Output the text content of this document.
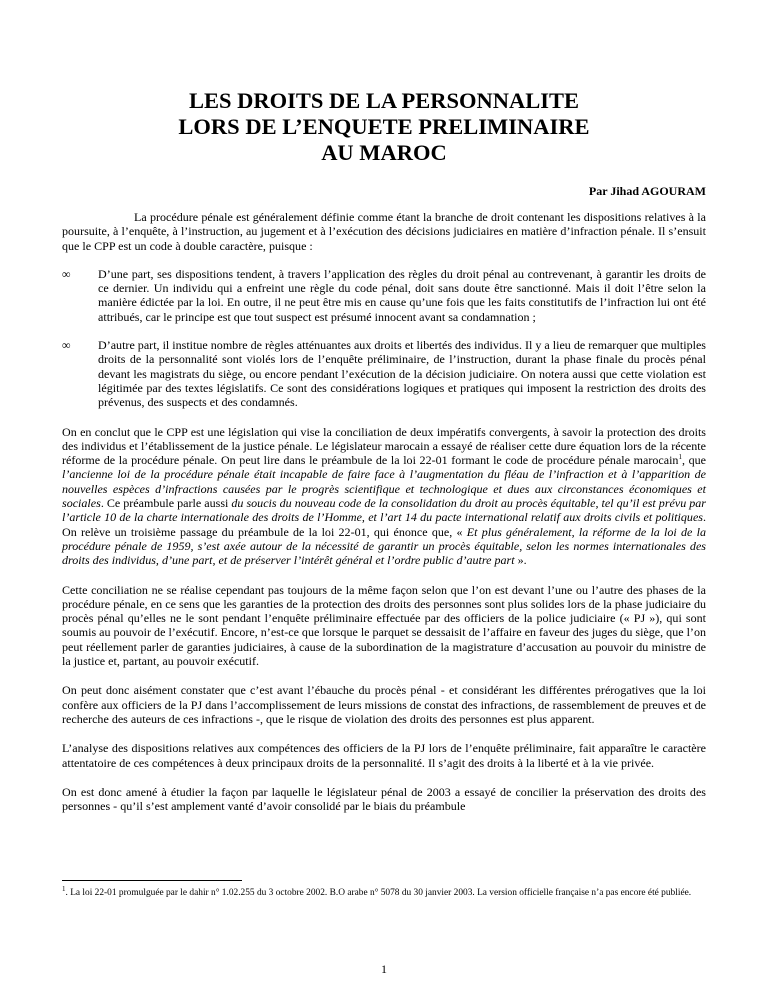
LES DROITS DE LA PERSONNALITE
LORS DE L’ENQUETE PRELIMINAIRE
AU MAROC
Par Jihad AGOURAM

La procédure pénale est généralement définie comme étant la branche de droit contenant les dispositions relatives à la poursuite, à l’enquête, à l’instruction, au jugement et à l’exécution des décisions judiciaires en matière d’infraction pénale. Il s’ensuit que le CPP est un code à double caractère, puisque :

∞ D’une part, ses dispositions tendent, à travers l’application des règles du droit pénal au contrevenant, à garantir les droits de ce dernier. Un individu qui a enfreint une règle du code pénal, doit sans doute être sanctionné. Mais il doit l’être selon la manière édictée par la loi. En outre, il ne peut être mis en cause qu’une fois que les faits constitutifs de l’infraction lui ont été attribués, car le principe est que tout suspect est présumé innocent avant sa condamnation ;

∞ D’autre part, il institue nombre de règles atténuantes aux droits et libertés des individus. Il y a lieu de remarquer que multiples droits de la personnalité sont violés lors de l’enquête préliminaire, de l’instruction, durant la phase finale du procès pénal devant les magistrats du siège, ou encore pendant l’exécution de la décision judiciaire. On notera aussi que cette violation est légitimée par des textes législatifs. Ce sont des considérations logiques et pratiques qui imposent la restriction des droits des prévenus, des suspects et des condamnés.

On en conclut que le CPP est une législation qui vise la conciliation de deux impératifs convergents, à savoir la protection des droits des individus et l’établissement de la justice pénale. Le législateur marocain a essayé de réaliser cette dure équation lors de la récente réforme de la procédure pénale. On peut lire dans le préambule de la loi 22-01 formant le code de procédure pénale marocain$^1$, que l’ancienne loi de la procédure pénale était incapable de faire face à l’augmentation du fléau de l’infraction et à l’apparition de nouvelles espèces d’infractions causées par le progrès scientifique et technologique et dues aux circonstances économiques et sociales. Ce préambule parle aussi du soucis du nouveau code de la consolidation du droit au procès équitable, tel qu’il est prévu par l’article 10 de la charte internationale des droits de l’Homme, et l’art 14 du pacte international relatif aux droits civils et politiques. On relève un troisième passage du préambule de la loi 22-01, qui énonce que, « Et plus généralement, la réforme de la loi de la procédure pénale de 1959, s’est axée autour de la nécessité de garantir un procès équitable, selon les normes internationales des droits des individus, d’une part, et de préserver l’intérêt général et l’ordre public d’autre part ».

Cette conciliation ne se réalise cependant pas toujours de la même façon selon que l’on est devant l’une ou l’autre des phases de la procédure pénale, en ce sens que les garanties de la protection des droits des personnes sont plus solides lors de la phase judiciaire du procès pénal qu’elles ne le sont pendant l’enquête préliminaire effectuée par des officiers de la police judiciaire (« PJ »), qui sont soumis au pouvoir de l’exécutif. Encore, n’est-ce que lorsque le parquet se dessaisit de l’affaire en faveur des juges du siège, que l’on peut réellement parler de garanties judiciaires, à cause de la subordination de la magistrature d’accusation au pouvoir du ministre de la justice et, partant, au pouvoir exécutif.

On peut donc aisément constater que c’est avant l’ébauche du procès pénal - et considérant les différentes prérogatives que la loi confère aux officiers de la PJ dans l’accomplissement de leurs missions de constat des infractions, de rassemblement de preuves et de recherche des auteurs de ces infractions -, que le risque de violation des droits des personnes est plus apparent.

L’analyse des dispositions relatives aux compétences des officiers de la PJ lors de l’enquête préliminaire, fait apparaître le caractère attentatoire de ces compétences à deux principaux droits de la personnalité. Il s’agit des droits à la liberté et à la vie privée.

On est donc amené à étudier la façon par laquelle le législateur pénal de 2003 a essayé de concilier la préservation des droits des personnes - qu’il s’est amplement vanté d’avoir consolidé par le biais du préambule

$^1$. La loi 22-01 promulguée par le dahir n° 1.02.255 du 3 octobre 2002. B.O arabe n° 5078 du 30 janvier 2003. La version officielle française n’a pas encore été publiée.
1
